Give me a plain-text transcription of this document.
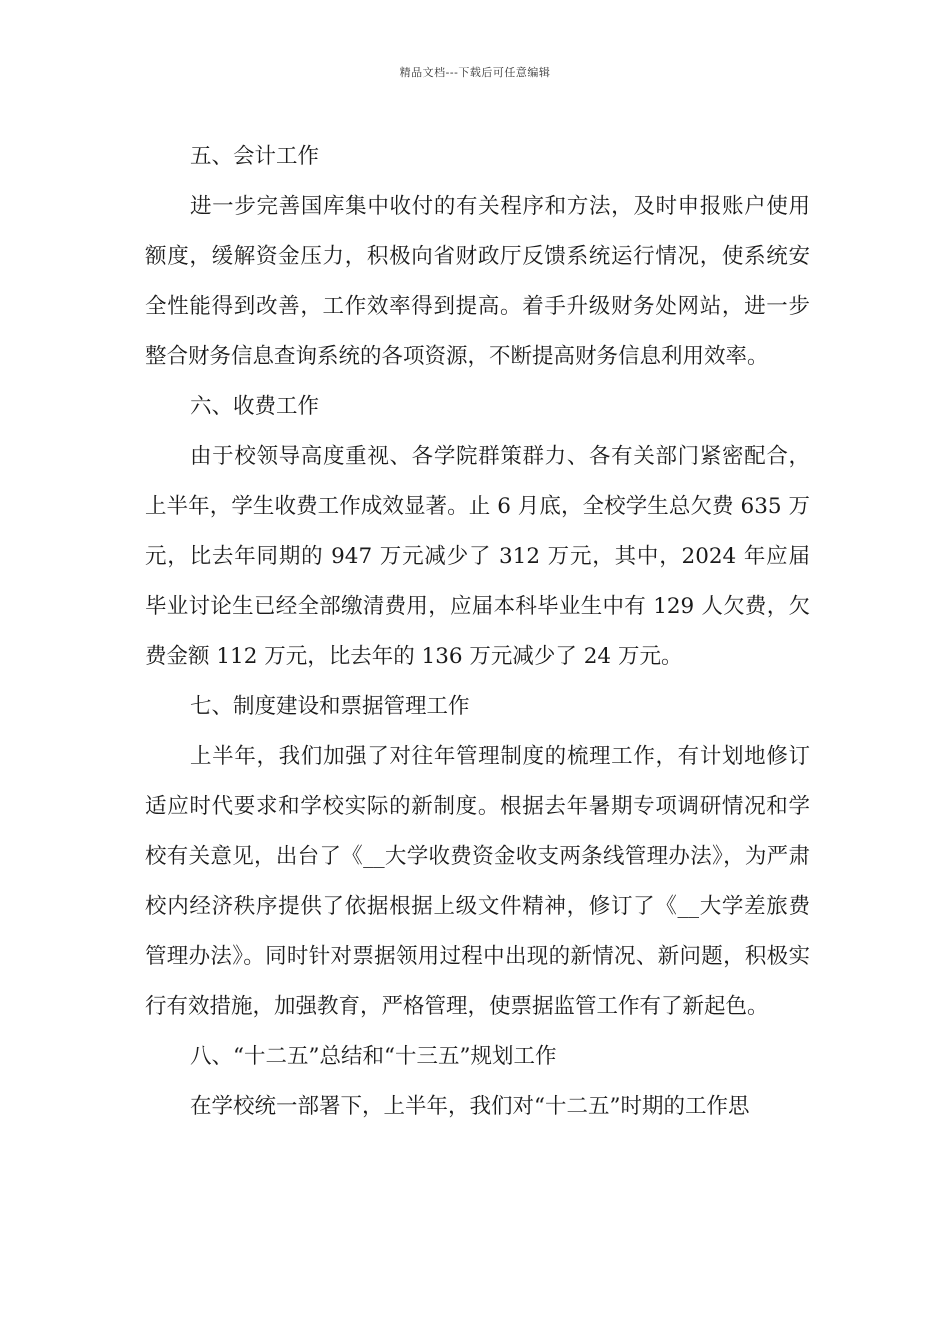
精品文档---下载后可任意编辑

五、会计工作

进一步完善国库集中收付的有关程序和方法，及时申报账户使用额度，缓解资金压力，积极向省财政厅反馈系统运行情况，使系统安全性能得到改善，工作效率得到提高。着手升级财务处网站，进一步整合财务信息查询系统的各项资源，不断提高财务信息利用效率。

六、收费工作

由于校领导高度重视、各学院群策群力、各有关部门紧密配合，上半年，学生收费工作成效显著。止 6 月底，全校学生总欠费 635 万元，比去年同期的 947 万元减少了 312 万元，其中，2024 年应届毕业讨论生已经全部缴清费用，应届本科毕业生中有 129 人欠费，欠费金额 112 万元，比去年的 136 万元减少了 24 万元。

七、制度建设和票据管理工作

上半年，我们加强了对往年管理制度的梳理工作，有计划地修订适应时代要求和学校实际的新制度。根据去年暑期专项调研情况和学校有关意见，出台了《__大学收费资金收支两条线管理办法》，为严肃校内经济秩序提供了依据根据上级文件精神，修订了《__大学差旅费管理办法》。同时针对票据领用过程中出现的新情况、新问题，积极实行有效措施，加强教育，严格管理，使票据监管工作有了新起色。

八、“十二五”总结和“十三五”规划工作

在学校统一部署下，上半年，我们对“十二五”时期的工作思
